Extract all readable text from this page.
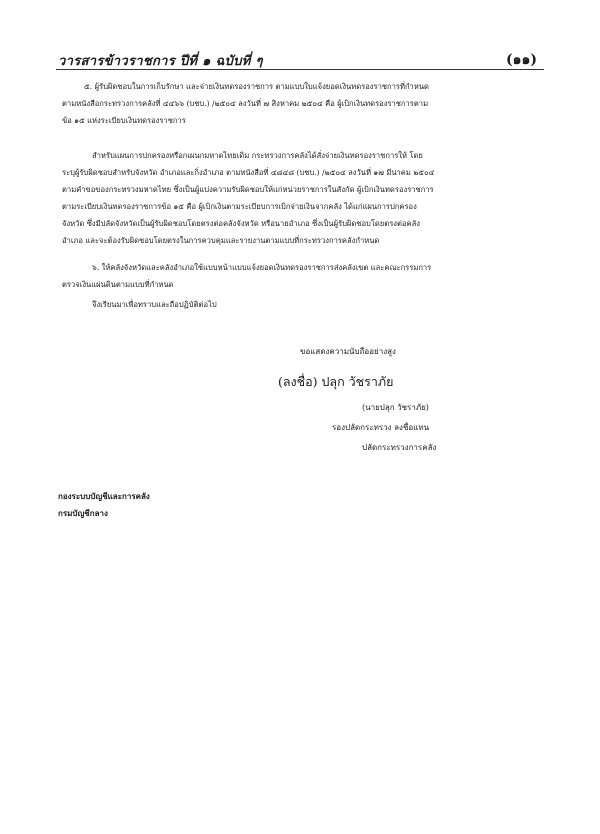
วารสารข้าวราชการ ปีที่ ๑ ฉบับที่ ๆ	(๑๑)
๕. ผู้รับผิดชอบในการเก็บรักษา และจ่ายเงินทดรองราชการ ตามแบบใบแจ้งยอดเงินทดรองราชการที่กำหนด
ตามหนังสือกระทรวงการคลังที่ ๔๔๖๖ (บชบ.) /๒๕๐๔ ลงวันที่ ๗ สิงหาคม ๒๕๐๔ คือ ผู้เบิกเงินทดรองราชการตาม
ข้อ ๑๕ แห่งระเบียบเงินทดรองราชการ
สำหรับแผนการปกครองหรือกเผนกมหาดไทยเดิม กระทรวงการคลังได้สั่งจ่ายเงินทดรองราชการให้ โดย
ระบุผู้รับผิดชอบสำหรับจังหวัด อำเภอและกิ่งอำเภอ ตามหนังสือที่ ๔๘๔๘ (บชบ.) /๒๕๐๔ ลงวันที่ ๑๗ มีนาคม ๒๕๐๔
ตามคำขอของกระทรวงมหาดไทย ซึ่งเป็นผู้แบ่งความรับผิดชอบให้แก่หน่วยราชการในสังกัด ผู้เบิกเงินทดรองราชการ
ตามระเบียบเงินทดรองราชการข้อ ๑๕ คือ ผู้เบิกเงินตามระเบียบการเบิกจ่ายเงินจากคลัง ได้แก่แผนการปกครอง
จังหวัด ซึ่งมีปลัดจังหวัดเป็นผู้รับผิดชอบโดยตรงต่อคลังจังหวัด หรือนายอำเภอ ซึ่งเป็นผู้รับผิดชอบโดยตรงต่อคลัง
อำเภอ และจะต้องรับผิดชอบโดยตรงในการควบคุมและรายงานตามแบบที่กระทรวงการคลังกำหนด
๖. ให้คลังจังหวัดและคลังอำเภอใช้แบบหน้าแบบแจ้งยอดเงินทดรองราชการส่งคลังเขต และคณะกรรมการ
ตรวจเงินแผ่นดินตามแบบที่กำหนด
จึงเรียนมาเพื่อทราบและถือปฏิบัติต่อไป
ขอแสดงความนับถืออย่างสูง
(ลงชื่อ) ปลุก วัชราภัย
(นายปลุก วัชราภัย)
รองปลัดกระทรวง ลงชื่อแทน
ปลัดกระทรวงการคลัง
กองระบบบัญชีและการคลัง
กรมบัญชีกลาง
